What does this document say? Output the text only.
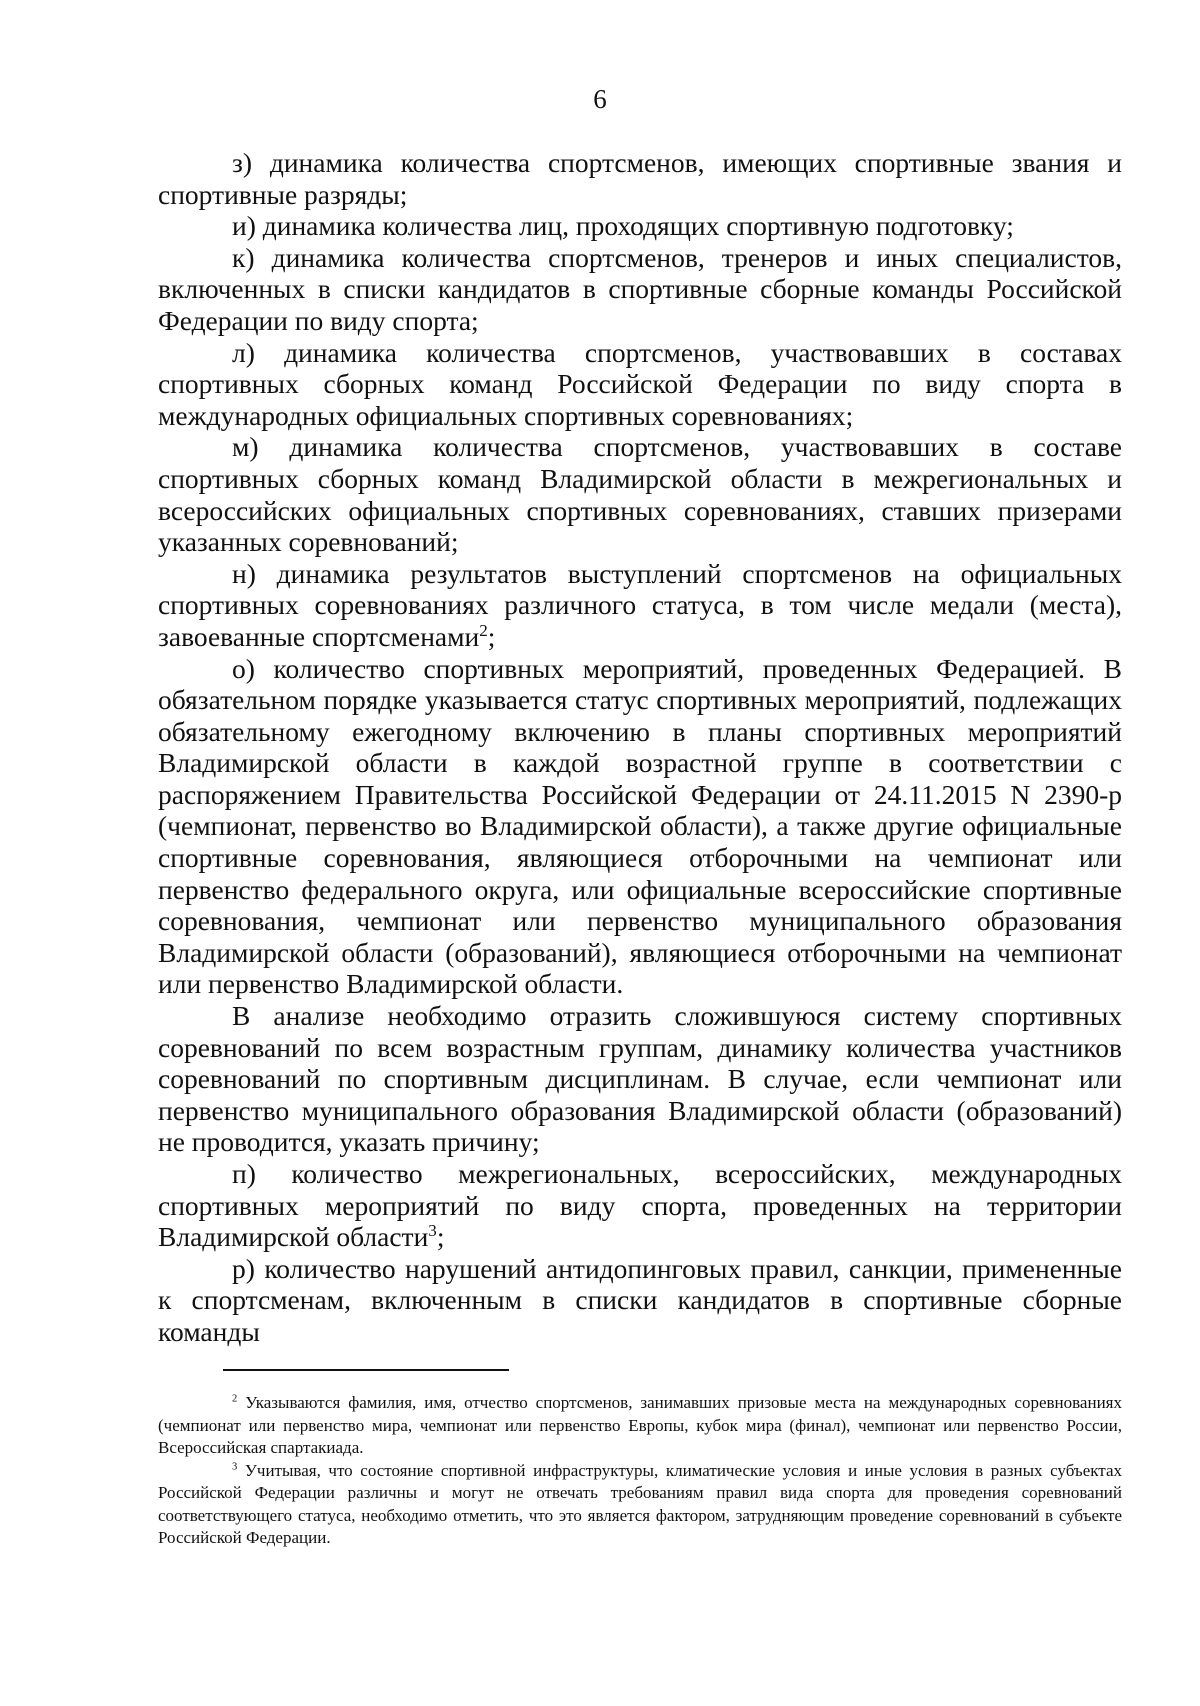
6

з) динамика количества спортсменов, имеющих спортивные звания и спортивные разряды;

и) динамика количества лиц, проходящих спортивную подготовку;

к) динамика количества спортсменов, тренеров и иных специалистов, включенных в списки кандидатов в спортивные сборные команды Российской Федерации по виду спорта;

л) динамика количества спортсменов, участвовавших в составах спортивных сборных команд Российской Федерации по виду спорта в международных официальных спортивных соревнованиях;

м) динамика количества спортсменов, участвовавших в составе спортивных сборных команд Владимирской области в межрегиональных и всероссийских официальных спортивных соревнованиях, ставших призерами указанных соревнований;

н) динамика результатов выступлений спортсменов на официальных спортивных соревнованиях различного статуса, в том числе медали (места), завоеванные спортсменами$^2$;

о) количество спортивных мероприятий, проведенных Федерацией. В обязательном порядке указывается статус спортивных мероприятий, подлежащих обязательному ежегодному включению в планы спортивных мероприятий Владимирской области в каждой возрастной группе в соответствии с распоряжением Правительства Российской Федерации от 24.11.2015 N 2390-р (чемпионат, первенство во Владимирской области), а также другие официальные спортивные соревнования, являющиеся отборочными на чемпионат или первенство федерального округа, или официальные всероссийские спортивные соревнования, чемпионат или первенство муниципального образования Владимирской области (образований), являющиеся отборочными на чемпионат или первенство Владимирской области.

В анализе необходимо отразить сложившуюся систему спортивных соревнований по всем возрастным группам, динамику количества участников соревнований по спортивным дисциплинам. В случае, если чемпионат или первенство муниципального образования Владимирской области (образований) не проводится, указать причину;

п) количество межрегиональных, всероссийских, международных спортивных мероприятий по виду спорта, проведенных на территории Владимирской области$^3$;

р) количество нарушений антидопинговых правил, санкции, примененные к спортсменам, включенным в списки кандидатов в спортивные сборные команды

$^2$ Указываются фамилия, имя, отчество спортсменов, занимавших призовые места на международных соревнованиях (чемпионат или первенство мира, чемпионат или первенство Европы, кубок мира (финал), чемпионат или первенство России, Всероссийская спартакиада.

$^3$ Учитывая, что состояние спортивной инфраструктуры, климатические условия и иные условия в разных субъектах Российской Федерации различны и могут не отвечать требованиям правил вида спорта для проведения соревнований соответствующего статуса, необходимо отметить, что это является фактором, затрудняющим проведение соревнований в субъекте Российской Федерации.
